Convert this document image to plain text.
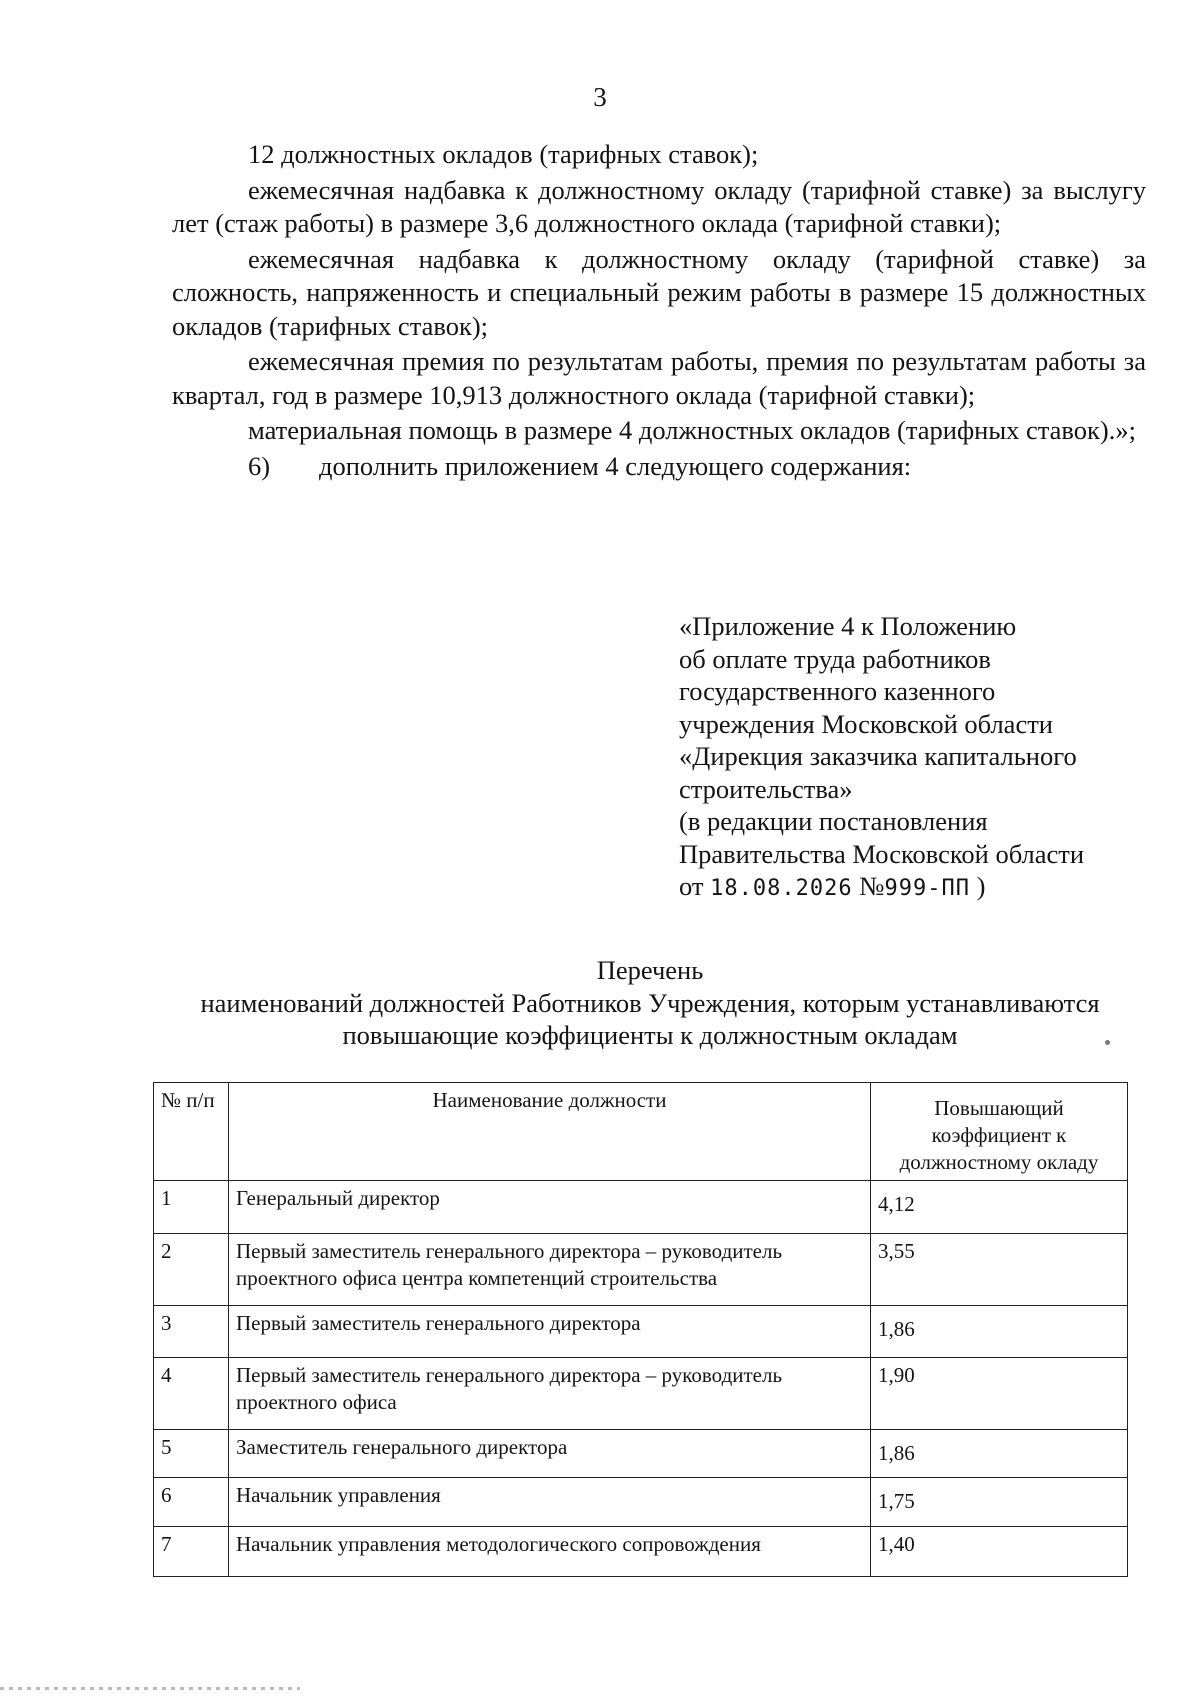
3

12 должностных окладов (тарифных ставок);

ежемесячная надбавка к должностному окладу (тарифной ставке) за выслугу лет (стаж работы) в размере 3,6 должностного оклада (тарифной ставки);

ежемесячная надбавка к должностному окладу (тарифной ставке) за сложность, напряженность и специальный режим работы в размере 15 должностных окладов (тарифных ставок);

ежемесячная премия по результатам работы, премия по результатам работы за квартал, год в размере 10,913 должностного оклада (тарифной ставки);

материальная помощь в размере 4 должностных окладов (тарифных ставок).»;

6)	дополнить приложением 4 следующего содержания:

«Приложение 4 к Положению
об оплате труда работников
государственного казенного
учреждения Московской области
«Дирекция заказчика капитального
строительства»
(в редакции постановления
Правительства Московской области
от 18.08.2026 №999-ПП )
Перечень
наименований должностей Работников Учреждения, которым устанавливаются
повышающие коэффициенты к должностным окладам
№ п/п	Наименование должности	Повышающий коэффициент к должностному окладу
1	Генеральный директор	4,12
2	Первый заместитель генерального директора – руководитель проектного офиса центра компетенций строительства	3,55
3	Первый заместитель генерального директора	1,86
4	Первый заместитель генерального директора – руководитель проектного офиса	1,90
5	Заместитель генерального директора	1,86
6	Начальник управления	1,75
7	Начальник управления методологического сопровождения	1,40
